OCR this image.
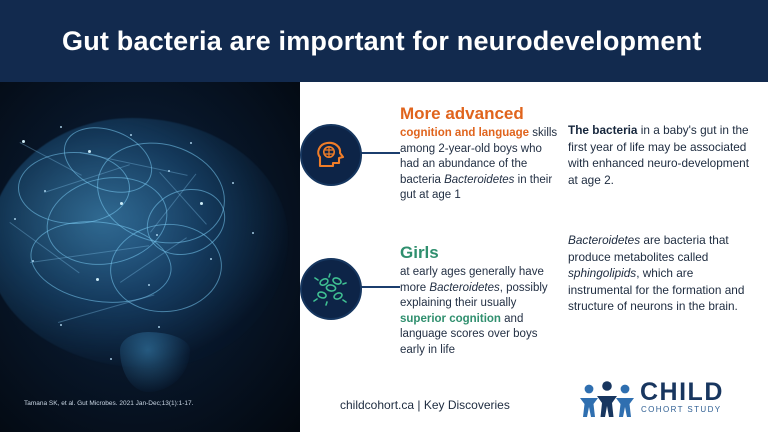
Gut bacteria are important for neurodevelopment
Tamana SK, et al. Gut Microbes. 2021 Jan-Dec;13(1):1-17.
More advanced
cognition and language skills among 2-year-old boys who had an abundance of the bacteria Bacteroidetes in their gut at age 1
Girls
at early ages generally have more Bacteroidetes, possibly explaining their usually superior cognition and language scores over boys early in life
The bacteria in a baby's gut in the first year of life may be associated with enhanced neuro-development at age 2.
Bacteroidetes are bacteria that produce metabolites called sphingolipids, which are instrumental for the formation and structure of neurons in the brain.
childcohort.ca | Key Discoveries	CHILD
COHORT STUDY
